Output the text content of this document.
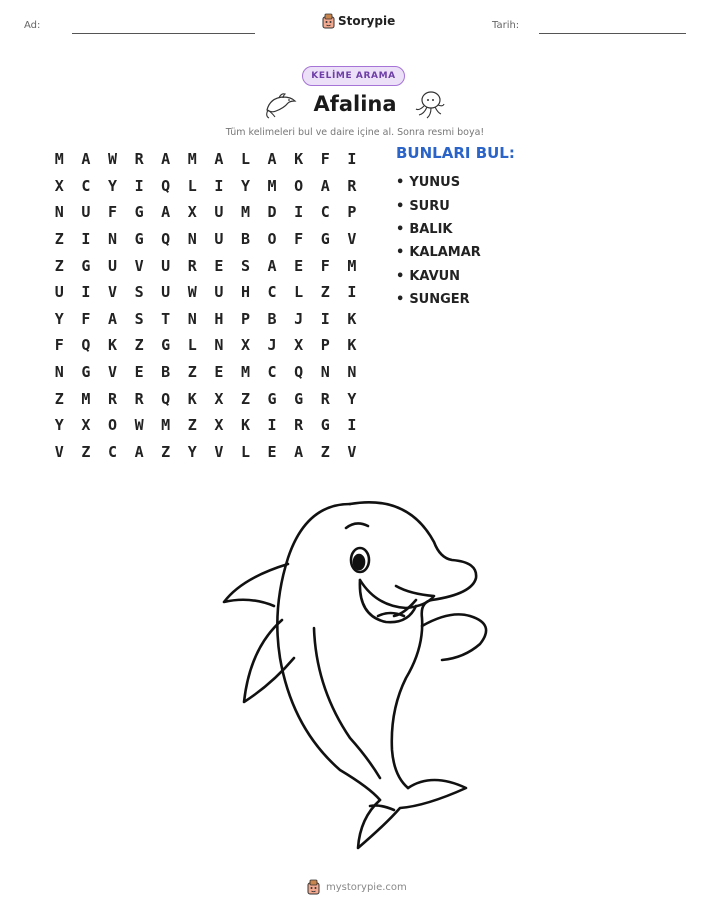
Ad:	Storypie	Tarih:
KELİME ARAMA
Afalina
Tüm kelimeleri bul ve daire içine al. Sonra resmi boya!
M	A	W	R	A	M	A	L	A	K	F	I
X	C	Y	I	Q	L	I	Y	M	O	A	R
N	U	F	G	A	X	U	M	D	I	C	P
Z	I	N	G	Q	N	U	B	O	F	G	V
Z	G	U	V	U	R	E	S	A	E	F	M
U	I	V	S	U	W	U	H	C	L	Z	I
Y	F	A	S	T	N	H	P	B	J	I	K
F	Q	K	Z	G	L	N	X	J	X	P	K
N	G	V	E	B	Z	E	M	C	Q	N	N
Z	M	R	R	Q	K	X	Z	G	G	R	Y
Y	X	O	W	M	Z	X	K	I	R	G	I
V	Z	C	A	Z	Y	V	L	E	A	Z	V
BUNLARI BUL:
• YUNUS
• SURU
• BALIK
• KALAMAR
• KAVUN
• SUNGER
mystorypie.com
